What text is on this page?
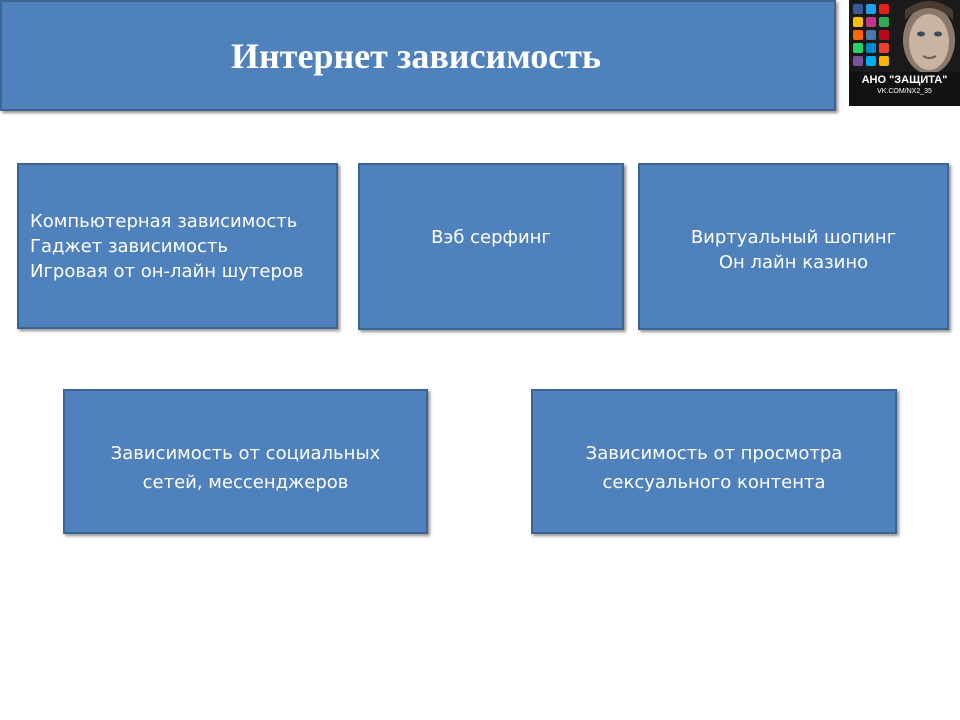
Интернет зависимость
АНО "ЗАЩИТА"
VK.COM/NX2_35
Компьютерная зависимость
Гаджет зависимость
Игровая от он-лайн шутеров
Вэб серфинг	Виртуальный шопинг
Он лайн казино
Зависимость от социальных
сетей, мессенджеров
Зависимость от просмотра
сексуального контента
